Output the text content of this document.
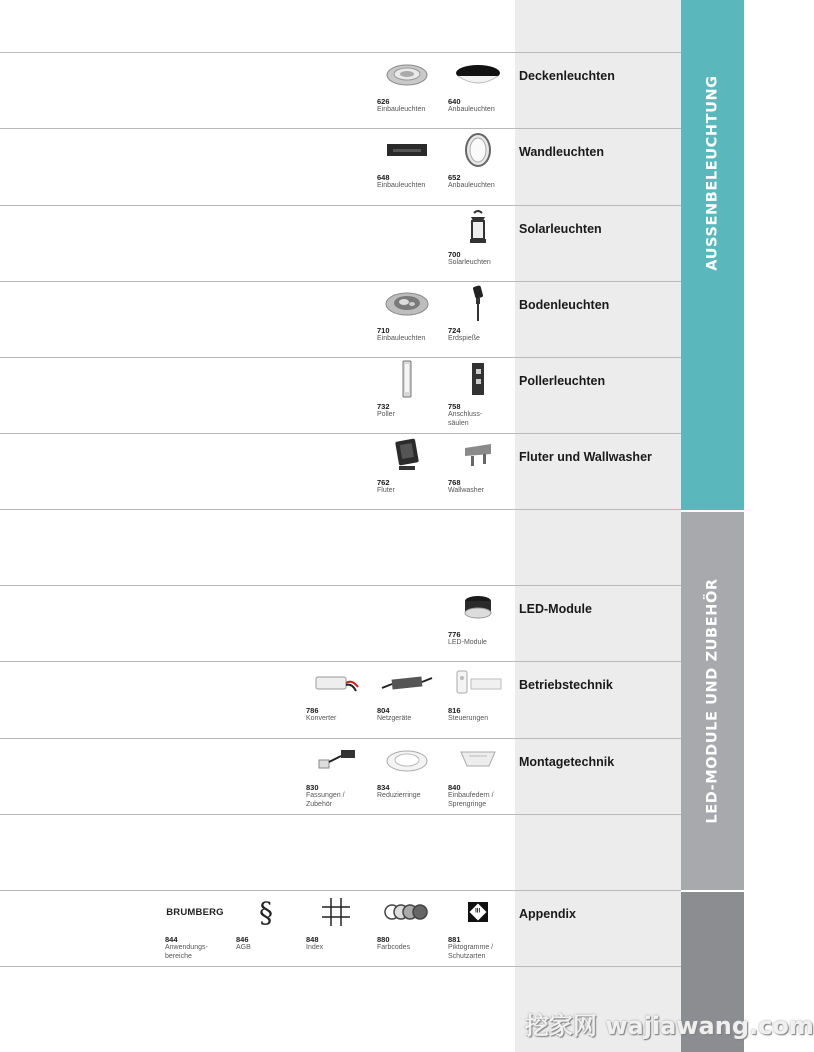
AUSSENBELEUCHTUNG
LED-MODULE UND ZUBEHÖR
Deckenleuchten
626
Einbauleuchten
640
Anbauleuchten
Wandleuchten
648
Einbauleuchten
652
Anbauleuchten
Solarleuchten
700
Solarleuchten
Bodenleuchten
710
Einbauleuchten
724
Erdspieße
Pollerleuchten
732
Poller
758
Anschluss-
säulen
Fluter und Wallwasher
762
Fluter
768
Wallwasher
LED-Module
776
LED-Module
Betriebstechnik
786
Konverter
804
Netzgeräte
816
Steuerungen
Montagetechnik
830
Fassungen /
Zubehör
834
Reduzierringe
840
Einbaufedern /
Sprengringe
Appendix
BRUMBERG
844
Anwendungs-
bereiche
§
846
AGB
848
Index
880
Farbcodes
III
881
Piktogramme /
Schutzarten
挖家网 wajiawang.com
